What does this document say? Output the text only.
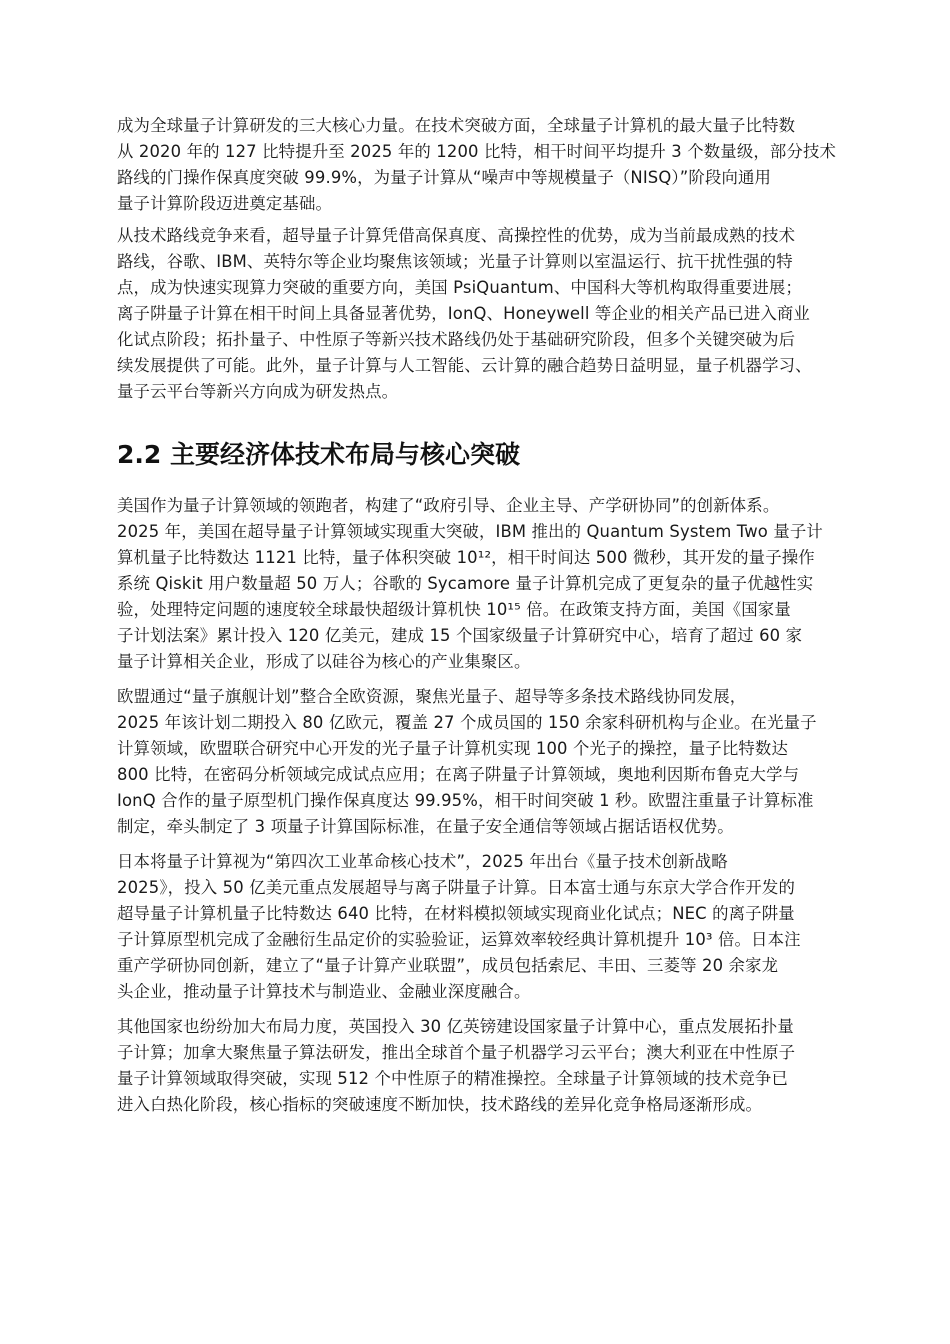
成为全球量子计算研发的三大核心力量。在技术突破方面，全球量子计算机的最大量子比特数
从 2020 年的 127 比特提升至 2025 年的 1200 比特，相干时间平均提升 3 个数量级，部分技术
路线的门操作保真度突破 99.9%，为量子计算从“噪声中等规模量子（NISQ）”阶段向通用
量子计算阶段迈进奠定基础。

从技术路线竞争来看，超导量子计算凭借高保真度、高操控性的优势，成为当前最成熟的技术
路线，谷歌、IBM、英特尔等企业均聚焦该领域；光量子计算则以室温运行、抗干扰性强的特
点，成为快速实现算力突破的重要方向，美国 PsiQuantum、中国科大等机构取得重要进展；
离子阱量子计算在相干时间上具备显著优势，IonQ、Honeywell 等企业的相关产品已进入商业
化试点阶段；拓扑量子、中性原子等新兴技术路线仍处于基础研究阶段，但多个关键突破为后
续发展提供了可能。此外，量子计算与人工智能、云计算的融合趋势日益明显，量子机器学习、
量子云平台等新兴方向成为研发热点。

2.2 主要经济体技术布局与核心突破

美国作为量子计算领域的领跑者，构建了“政府引导、企业主导、产学研协同”的创新体系。
2025 年，美国在超导量子计算领域实现重大突破，IBM 推出的 Quantum System Two 量子计
算机量子比特数达 1121 比特，量子体积突破 10¹²，相干时间达 500 微秒，其开发的量子操作
系统 Qiskit 用户数量超 50 万人；谷歌的 Sycamore 量子计算机完成了更复杂的量子优越性实
验，处理特定问题的速度较全球最快超级计算机快 10¹⁵ 倍。在政策支持方面，美国《国家量
子计划法案》累计投入 120 亿美元，建成 15 个国家级量子计算研究中心，培育了超过 60 家
量子计算相关企业，形成了以硅谷为核心的产业集聚区。

欧盟通过“量子旗舰计划”整合全欧资源，聚焦光量子、超导等多条技术路线协同发展，
2025 年该计划二期投入 80 亿欧元，覆盖 27 个成员国的 150 余家科研机构与企业。在光量子
计算领域，欧盟联合研究中心开发的光子量子计算机实现 100 个光子的操控，量子比特数达
800 比特，在密码分析领域完成试点应用；在离子阱量子计算领域，奥地利因斯布鲁克大学与
IonQ 合作的量子原型机门操作保真度达 99.95%，相干时间突破 1 秒。欧盟注重量子计算标准
制定，牵头制定了 3 项量子计算国际标准，在量子安全通信等领域占据话语权优势。

日本将量子计算视为“第四次工业革命核心技术”，2025 年出台《量子技术创新战略
2025》，投入 50 亿美元重点发展超导与离子阱量子计算。日本富士通与东京大学合作开发的
超导量子计算机量子比特数达 640 比特，在材料模拟领域实现商业化试点；NEC 的离子阱量
子计算原型机完成了金融衍生品定价的实验验证，运算效率较经典计算机提升 10³ 倍。日本注
重产学研协同创新，建立了“量子计算产业联盟”，成员包括索尼、丰田、三菱等 20 余家龙
头企业，推动量子计算技术与制造业、金融业深度融合。

其他国家也纷纷加大布局力度，英国投入 30 亿英镑建设国家量子计算中心，重点发展拓扑量
子计算；加拿大聚焦量子算法研发，推出全球首个量子机器学习云平台；澳大利亚在中性原子
量子计算领域取得突破，实现 512 个中性原子的精准操控。全球量子计算领域的技术竞争已
进入白热化阶段，核心指标的突破速度不断加快，技术路线的差异化竞争格局逐渐形成。
